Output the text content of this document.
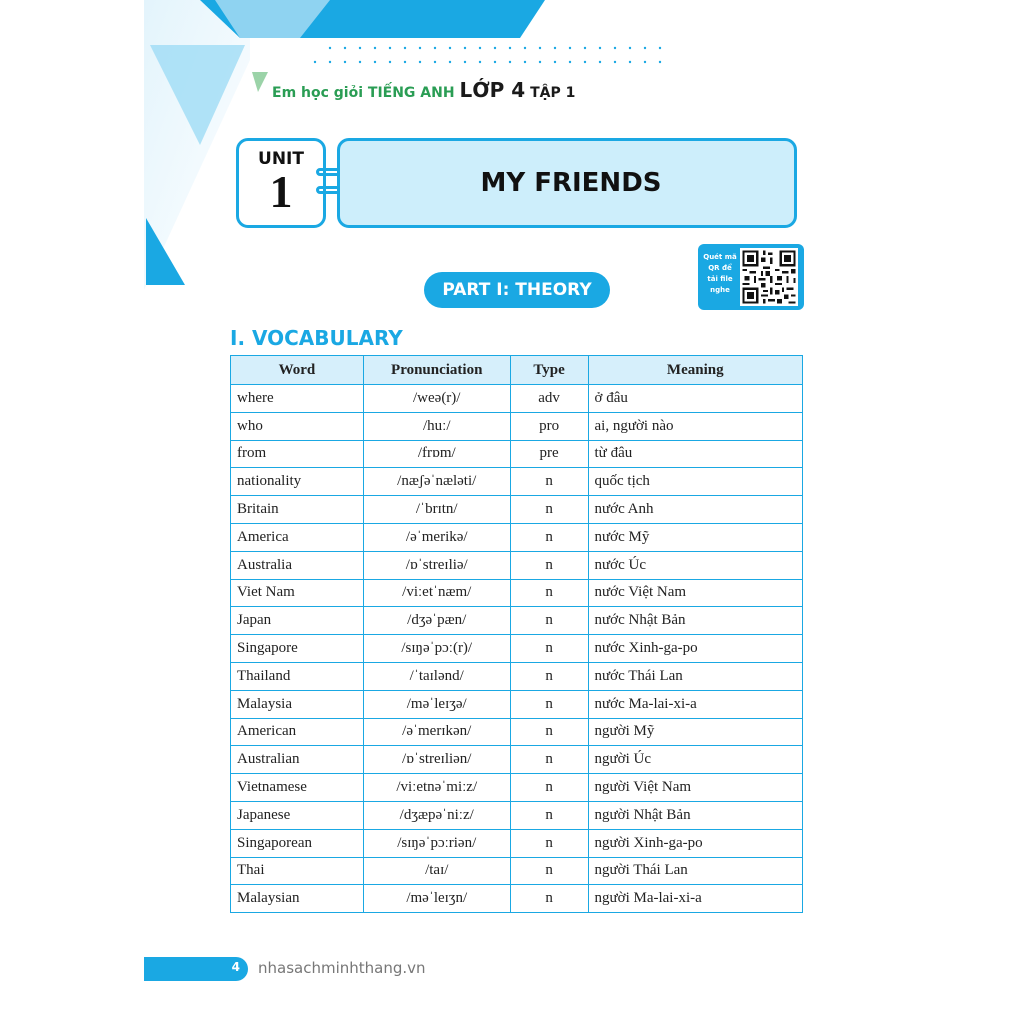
Em học giỏi TIẾNG ANH LỚP 4 TẬP 1
UNIT
1	MY FRIENDS
PART I: THEORY
Quét mã QR để tải file nghe
I. VOCABULARY
Word	Pronunciation	Type	Meaning
where	/weə(r)/	adv	ở đâu
who	/huː/	pro	ai, người nào
from	/frɒm/	pre	từ đâu
nationality	/næʃəˈnæləti/	n	quốc tịch
Britain	/ˈbrɪtn/	n	nước Anh
America	/əˈmerikə/	n	nước Mỹ
Australia	/ɒˈstreɪliə/	n	nước Úc
Viet Nam	/viːetˈnæm/	n	nước Việt Nam
Japan	/dʒəˈpæn/	n	nước Nhật Bản
Singapore	/sɪŋəˈpɔː(r)/	n	nước Xinh-ga-po
Thailand	/ˈtaɪlənd/	n	nước Thái Lan
Malaysia	/məˈleɪʒə/	n	nước Ma-lai-xi-a
American	/əˈmerɪkən/	n	người Mỹ
Australian	/ɒˈstreɪliən/	n	người Úc
Vietnamese	/viːetnəˈmiːz/	n	người Việt Nam
Japanese	/dʒæpəˈniːz/	n	người Nhật Bản
Singaporean	/sɪŋəˈpɔːriən/	n	người Xinh-ga-po
Thai	/taɪ/	n	người Thái Lan
Malaysian	/məˈleɪʒn/	n	người Ma-lai-xi-a
4 nhasachminhthang.vn
